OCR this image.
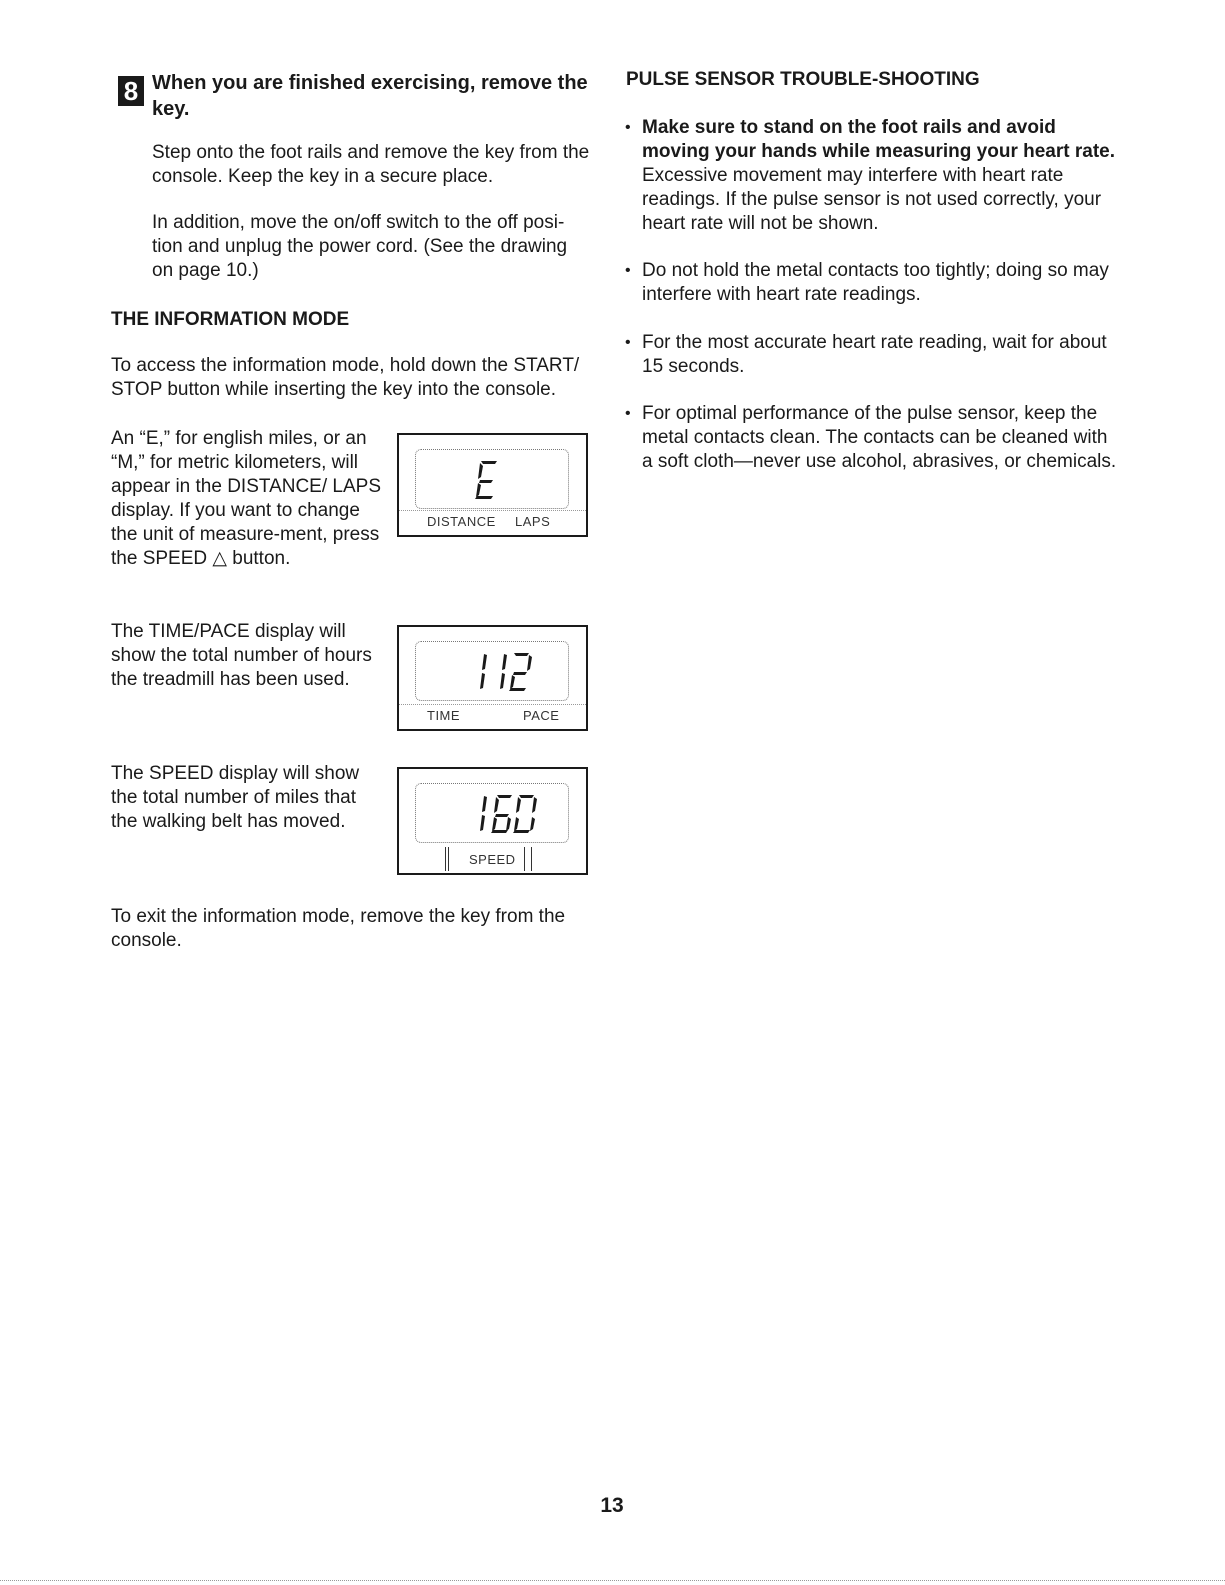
8 When you are finished exercising, remove the key.
Step onto the foot rails and remove the key from the console. Keep the key in a secure place.
In addition, move the on/off switch to the off posi-tion and unplug the power cord. (See the drawing on page 10.)
THE INFORMATION MODE
To access the information mode, hold down the START/ STOP button while inserting the key into the console.
An “E,” for english miles, or an “M,” for metric kilometers, will appear in the DISTANCE/ LAPS display. If you want to change the unit of measure-ment, press the SPEED △ button.
DISTANCE LAPS
The TIME/PACE display will show the total number of hours the treadmill has been used.
TIME	PACE
The SPEED display will show the total number of miles that the walking belt has moved.
SPEED
To exit the information mode, remove the key from the console.
PULSE SENSOR TROUBLE-SHOOTING
• Make sure to stand on the foot rails and avoid moving your hands while measuring your heart rate. Excessive movement may interfere with heart rate readings. If the pulse sensor is not used correctly, your heart rate will not be shown.
• Do not hold the metal contacts too tightly; doing so may interfere with heart rate readings.
• For the most accurate heart rate reading, wait for about 15 seconds.
• For optimal performance of the pulse sensor, keep the metal contacts clean. The contacts can be cleaned with a soft cloth—never use alcohol, abrasives, or chemicals.
13
